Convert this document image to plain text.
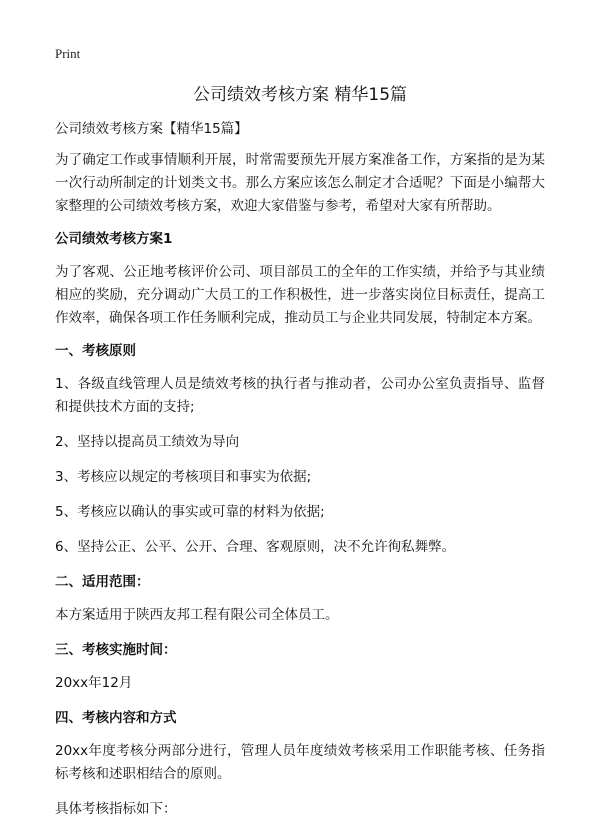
Print
公司绩效考核方案 精华15篇

公司绩效考核方案【精华15篇】

为了确定工作或事情顺利开展，时常需要预先开展方案准备工作，方案指的是为某一次行动所制定的计划类文书。那么方案应该怎么制定才合适呢？下面是小编帮大家整理的公司绩效考核方案，欢迎大家借鉴与参考，希望对大家有所帮助。

公司绩效考核方案1

为了客观、公正地考核评价公司、项目部员工的全年的工作实绩，并给予与其业绩相应的奖励，充分调动广大员工的工作积极性，进一步落实岗位目标责任，提高工作效率，确保各项工作任务顺利完成，推动员工与企业共同发展，特制定本方案。

一、考核原则

1、各级直线管理人员是绩效考核的执行者与推动者，公司办公室负责指导、监督和提供技术方面的支持;

2、坚持以提高员工绩效为导向

3、考核应以规定的考核项目和事实为依据;

5、考核应以确认的事实或可靠的材料为依据;

6、坚持公正、公平、公开、合理、客观原则，决不允许徇私舞弊。

二、适用范围：

本方案适用于陕西友邦工程有限公司全体员工。

三、考核实施时间：

20xx年12月

四、考核内容和方式

20xx年度考核分两部分进行，管理人员年度绩效考核采用工作职能考核、任务指标考核和述职相结合的原则。

具体考核指标如下：
